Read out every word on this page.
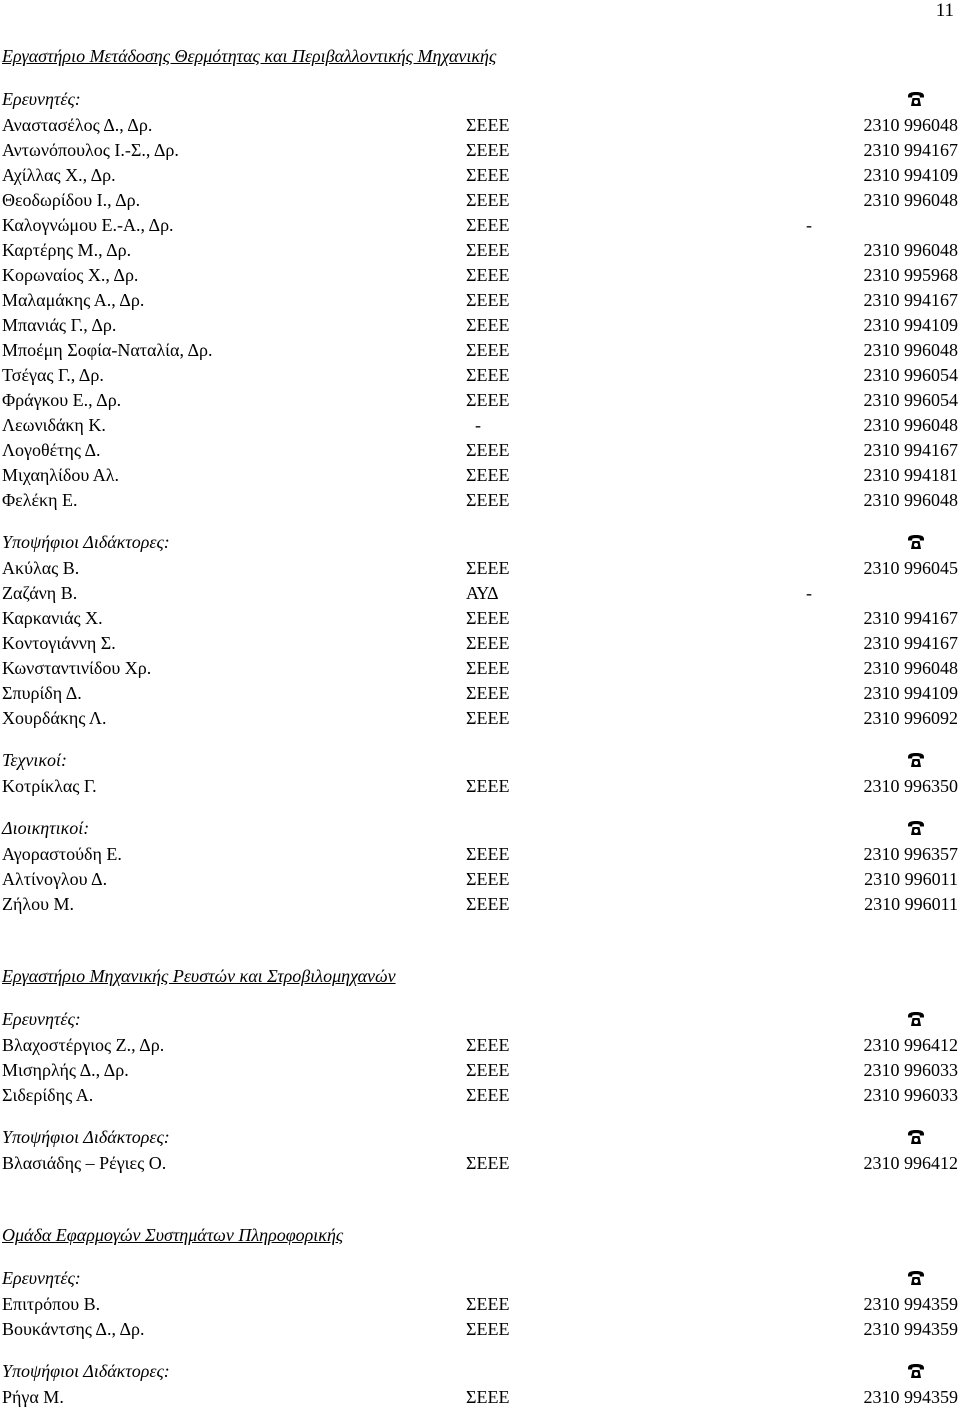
11
Εργαστήριο Μετάδοσης Θερμότητας και Περιβαλλοντικής Μηχανικής
Ερευνητές:
Αναστασέλος Δ., Δρ.	ΣΕΕΕ	2310 996048
Αντωνόπουλος Ι.-Σ., Δρ.	ΣΕΕΕ	2310 994167
Αχίλλας Χ., Δρ.	ΣΕΕΕ	2310 994109
Θεοδωρίδου Ι., Δρ.	ΣΕΕΕ	2310 996048
Καλογνώμου Ε.-Α., Δρ.	ΣΕΕΕ	-
Καρτέρης Μ., Δρ.	ΣΕΕΕ	2310 996048
Κορωναίος Χ., Δρ.	ΣΕΕΕ	2310 995968
Μαλαμάκης Α., Δρ.	ΣΕΕΕ	2310 994167
Μπανιάς Γ., Δρ.	ΣΕΕΕ	2310 994109
Μποέμη Σοφία-Ναταλία, Δρ.	ΣΕΕΕ	2310 996048
Τσέγας Γ., Δρ.	ΣΕΕΕ	2310 996054
Φράγκου Ε., Δρ.	ΣΕΕΕ	2310 996054
Λεωνιδάκη Κ.	-	2310 996048
Λογοθέτης Δ.	ΣΕΕΕ	2310 994167
Μιχαηλίδου Αλ.	ΣΕΕΕ	2310 994181
Φελέκη Ε.	ΣΕΕΕ	2310 996048
Υποψήφιοι Διδάκτορες:
Ακύλας Β.	ΣΕΕΕ	2310 996045
Ζαζάνη Β.	ΑΥΔ	-
Καρκανιάς Χ.	ΣΕΕΕ	2310 994167
Κοντογιάννη Σ.	ΣΕΕΕ	2310 994167
Κωνσταντινίδου Χρ.	ΣΕΕΕ	2310 996048
Σπυρίδη Δ.	ΣΕΕΕ	2310 994109
Χουρδάκης Λ.	ΣΕΕΕ	2310 996092
Τεχνικοί:
Κοτρίκλας Γ.	ΣΕΕΕ	2310 996350
Διοικητικοί:
Αγοραστούδη Ε.	ΣΕΕΕ	2310 996357
Αλτίνογλου Δ.	ΣΕΕΕ	2310 996011
Ζήλου Μ.	ΣΕΕΕ	2310 996011
Εργαστήριο Μηχανικής Ρευστών και Στροβιλομηχανών
Ερευνητές:
Βλαχοστέργιος Ζ., Δρ.	ΣΕΕΕ	2310 996412
Μισηρλής Δ., Δρ.	ΣΕΕΕ	2310 996033
Σιδερίδης Α.	ΣΕΕΕ	2310 996033
Υποψήφιοι Διδάκτορες:
Βλασιάδης – Ρέγιες Ο.	ΣΕΕΕ	2310 996412
Ομάδα Εφαρμογών Συστημάτων Πληροφορικής
Ερευνητές:
Επιτρόπου Β.	ΣΕΕΕ	2310 994359
Βουκάντσης Δ., Δρ.	ΣΕΕΕ	2310 994359
Υποψήφιοι Διδάκτορες:
Ρήγα Μ.	ΣΕΕΕ	2310 994359
